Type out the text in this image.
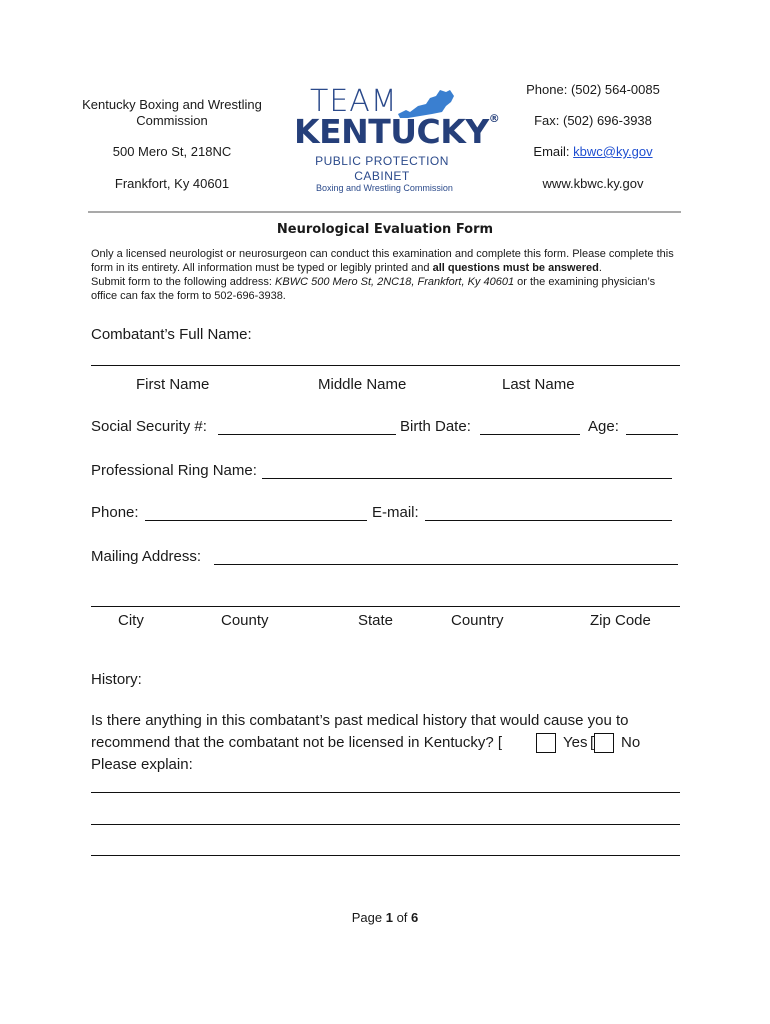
Kentucky Boxing and Wrestling
Commission
500 Mero St, 218NC
Frankfort, Ky 40601
TEAM
KENTUCKY®
PUBLIC PROTECTION
CABINET
Boxing and Wrestling Commission
Phone: (502) 564-0085
Fax: (502) 696-3938
Email: kbwc@ky.gov
www.kbwc.ky.gov
Neurological Evaluation Form
Only a licensed neurologist or neurosurgeon can conduct this examination and complete this form. Please complete this form in its entirety. All information must be typed or legibly printed and all questions must be answered.
Submit form to the following address: KBWC 500 Mero St, 2NC18, Frankfort, Ky 40601 or the examining physician’s office can fax the form to 502-696-3938.
Combatant’s Full Name:
First Name	Middle Name	Last Name
Social Security #:	Birth Date:	Age:
Professional Ring Name:
Phone:	E-mail:
Mailing Address:
City	County	State	Country	Zip Code
History:
Is there anything in this combatant’s past medical history that would cause you to
recommend that the combatant not be licensed in Kentucky? [	Yes [ No
Please explain:
Page 1 of 6
